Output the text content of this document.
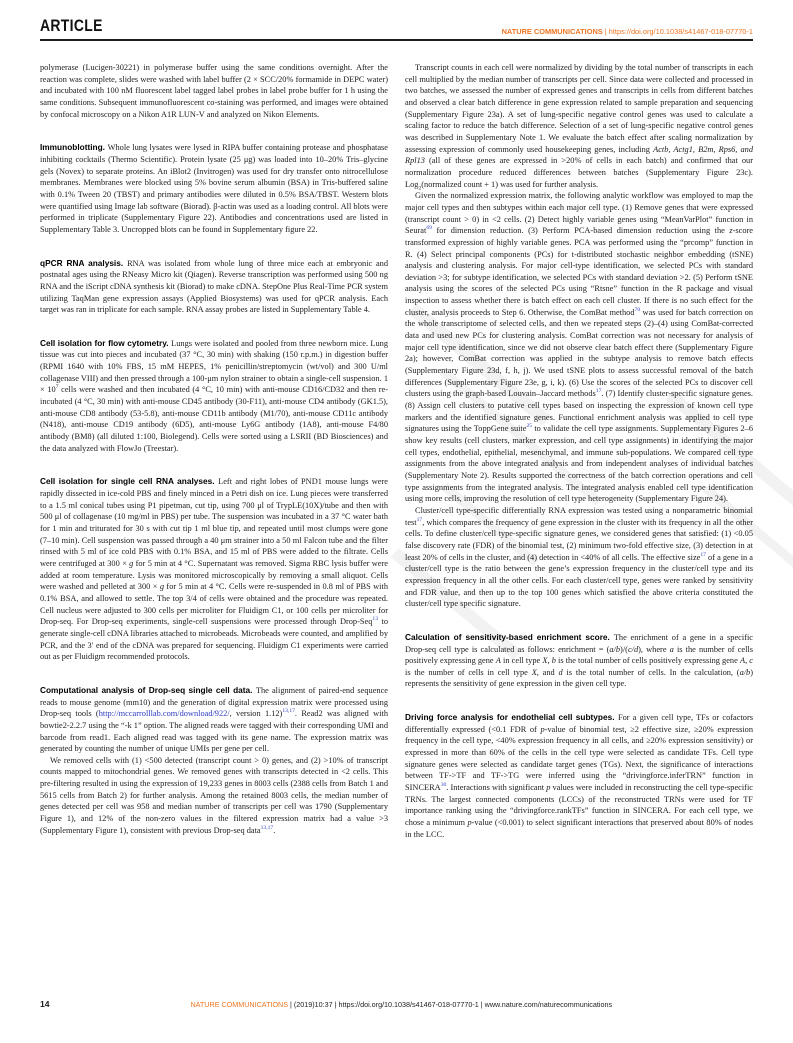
ARTICLE	NATURE COMMUNICATIONS | https://doi.org/10.1038/s41467-018-07770-1

polymerase (Lucigen-30221) in polymerase buffer using the same conditions overnight. After the reaction was complete, slides were washed with label buffer (2 × SCC/20% formamide in DEPC water) and incubated with 100 nM fluorescent label tagged label probes in label probe buffer for 1 h using the same conditions. Subsequent immunofluorescent co-staining was performed, and images were obtained by confocal microscopy on a Nikon A1R LUN-V and analyzed on Nikon Elements.

Immunoblotting. Whole lung lysates were lysed in RIPA buffer containing protease and phosphatase inhibiting cocktails (Thermo Scientific). Protein lysate (25 μg) was loaded into 10–20% Tris–glycine gels (Novex) to separate proteins. An iBlot2 (Invitrogen) was used for dry transfer onto nitrocellulose membranes. Membranes were blocked using 5% bovine serum albumin (BSA) in Tris-buffered saline with 0.1% Tween 20 (TBST) and primary antibodies were diluted in 0.5% BSA/TBST. Western blots were quantified using Image lab software (Biorad). β-actin was used as a loading control. All blots were performed in triplicate (Supplementary Figure 22). Antibodies and concentrations used are listed in Supplementary Table 3. Uncropped blots can be found in Supplementary figure 22.

qPCR RNA analysis. RNA was isolated from whole lung of three mice each at embryonic and postnatal ages using the RNeasy Micro kit (Qiagen). Reverse transcription was performed using 500 ng RNA and the iScript cDNA synthesis kit (Biorad) to make cDNA. StepOne Plus Real-Time PCR system utilizing TaqMan gene expression assays (Applied Biosystems) was used for qPCR analysis. Each target was ran in triplicate for each sample. RNA assay probes are listed in Supplementary Table 4.

Cell isolation for flow cytometry. Lungs were isolated and pooled from three newborn mice. Lung tissue was cut into pieces and incubated (37 °C, 30 min) with shaking (150 r.p.m.) in digestion buffer (RPMI 1640 with 10% FBS, 15 mM HEPES, 1% penicillin/streptomycin (wt/vol) and 300 U/ml collagenase VIII) and then pressed through a 100-μm nylon strainer to obtain a single-cell suspension. $1 \times 10^7$ cells were washed and then incubated (4 °C, 10 min) with anti-mouse CD16/CD32 and then re-incubated (4 °C, 30 min) with anti-mouse CD45 antibody (30-F11), anti-mouse CD4 antibody (GK1.5), anti-mouse CD8 antibody (53-5.8), anti-mouse CD11b antibody (M1/70), anti-mouse CD11c antibody (N418), anti-mouse CD19 antibody (6D5), anti-mouse Ly6G antibody (1A8), anti-mouse F4/80 antibody (BM8) (all diluted 1:100, Biolegend). Cells were sorted using a LSRII (BD Biosciences) and the data analyzed with FlowJo (Treestar).

Cell isolation for single cell RNA analyses. Left and right lobes of PND1 mouse lungs were rapidly dissected in ice-cold PBS and finely minced in a Petri dish on ice. Lung pieces were transferred to a 1.5 ml conical tubes using P1 pipetman, cut tip, using 700 μl of TrypLE(10X)/tube and then with 500 μl of collagenase (10 mg/ml in PBS) per tube. The suspension was incubated in a 37 °C water bath for 1 min and triturated for 30 s with cut tip 1 ml blue tip, and repeated until most clumps were gone (7–10 min). Cell suspension was passed through a 40 μm strainer into a 50 ml Falcon tube and the filter rinsed with 5 ml of ice cold PBS with 0.1% BSA, and 15 ml of PBS were added to the filtrate. Cells were centrifuged at 300 × g for 5 min at 4 °C. Supernatant was removed. Sigma RBC lysis buffer were added at room temperature. Lysis was monitored microscopically by removing a small aliquot. Cells were washed and pelleted at 300 × g for 5 min at 4 °C. Cells were re-suspended in 0.8 ml of PBS with 0.1% BSA, and allowed to settle. The top 3/4 of cells were obtained and the procedure was repeated. Cell nucleus were adjusted to 300 cells per microliter for Fluidigm C1, or 100 cells per microliter for Drop-seq. For Drop-seq experiments, single-cell suspensions were processed through Drop-Seq$^{13}$ to generate single-cell cDNA libraries attached to microbeads. Microbeads were counted, and amplified by PCR, and the 3′ end of the cDNA was prepared for sequencing. Fluidigm C1 experiments were carried out as per Fluidigm recommended protocols.

Computational analysis of Drop-seq single cell data. The alignment of paired-end sequence reads to mouse genome (mm10) and the generation of digital expression matrix were processed using Drop-seq tools (http://mccarrolllab.com/download/922/, version 1.12)$^{13,17}$. Read2 was aligned with bowtie2-2.2.7 using the “-k 1” option. The aligned reads were tagged with their corresponding UMI and barcode from read1. Each aligned read was tagged with its gene name. The expression matrix was generated by counting the number of unique UMIs per gene per cell.

We removed cells with (1) <500 detected (transcript count > 0) genes, and (2) >10% of transcript counts mapped to mitochondrial genes. We removed genes with transcripts detected in <2 cells. This pre-filtering resulted in using the expression of 19,233 genes in 8003 cells (2388 cells from Batch 1 and 5615 cells from Batch 2) for further analysis. Among the retained 8003 cells, the median number of genes detected per cell was 958 and median number of transcripts per cell was 1790 (Supplementary Figure 1), and 12% of the non-zero values in the filtered expression matrix had a value >3 (Supplementary Figure 1), consistent with previous Drop-seq data$^{13,17}$.

Transcript counts in each cell were normalized by dividing by the total number of transcripts in each cell multiplied by the median number of transcripts per cell. Since data were collected and processed in two batches, we assessed the number of expressed genes and transcripts in cells from different batches and observed a clear batch difference in gene expression related to sample preparation and sequencing (Supplementary Figure 23a). A set of lung-specific negative control genes was used to calculate a scaling factor to reduce the batch difference. Selection of a set of lung-specific negative control genes was described in Supplementary Note 1. We evaluate the batch effect after scaling normalization by assessing expression of commonly used housekeeping genes, including Actb, Actg1, B2m, Rps6, and Rpl13 (all of these genes are expressed in >20% of cells in each batch) and confirmed that our normalization procedure reduced differences between batches (Supplementary Figure 23c). Log$_2$(normalized count + 1) was used for further analysis.

Given the normalized expression matrix, the following analytic workflow was employed to map the major cell types and then subtypes within each major cell type. (1) Remove genes that were expressed (transcript count > 0) in <2 cells. (2) Detect highly variable genes using “MeanVarPlot” function in Seurat$^{69}$ for dimension reduction. (3) Perform PCA-based dimension reduction using the z-score transformed expression of highly variable genes. PCA was performed using the “prcomp” function in R. (4) Select principal components (PCs) for t-distributed stochastic neighbor embedding (tSNE) analysis and clustering analysis. For major cell-type identification, we selected PCs with standard deviation >3; for subtype identification, we selected PCs with standard deviation >2. (5) Perform tSNE analysis using the scores of the selected PCs using “Rtsne” function in the R package and visual inspection to assess whether there is batch effect on each cell cluster. If there is no such effect for the cluster, analysis proceeds to Step 6. Otherwise, the ComBat method$^{70}$ was used for batch correction on the whole transcriptome of selected cells, and then we repeated steps (2)–(4) using ComBat-corrected data and used new PCs for clustering analysis. ComBat correction was not necessary for analysis of major cell type identification, since we did not observe clear batch effect there (Supplementary Figure 2a); however, ComBat correction was applied in the subtype analysis to remove batch effects (Supplementary Figure 23d, f, h, j). We used tSNE plots to assess successful removal of the batch differences (Supplementary Figure 23e, g, i, k). (6) Use the scores of the selected PCs to discover cell clusters using the graph-based Louvain–Jaccard methods$^{17}$. (7) Identify cluster-specific signature genes. (8) Assign cell clusters to putative cell types based on inspecting the expression of known cell type markers and the identified signature genes. Functional enrichment analysis was applied to cell type signatures using the ToppGene suite$^{25}$ to validate the cell type assignments. Supplementary Figures 2–6 show key results (cell clusters, marker expression, and cell type assignments) in identifying the major cell types, endothelial, epithelial, mesenchymal, and immune sub-populations. We compared cell type assignments from the above integrated analysis and from independent analyses of individual batches (Supplementary Note 2). Results supported the correctness of the batch correction operations and cell type assignments from the integrated analysis. The integrated analysis enabled cell type identification using more cells, improving the resolution of cell type heterogeneity (Supplementary Figure 24).

Cluster/cell type-specific differentially RNA expression was tested using a nonparametric binomial test$^{17}$, which compares the frequency of gene expression in the cluster with its frequency in all the other cells. To define cluster/cell type-specific signature genes, we considered genes that satisfied: (1) <0.05 false discovery rate (FDR) of the binomial test, (2) minimum two-fold effective size, (3) detection in at least 20% of cells in the cluster, and (4) detection in <40% of all cells. The effective size$^{17}$ of a gene in a cluster/cell type is the ratio between the gene’s expression frequency in the cluster/cell type and its expression frequency in all the other cells. For each cluster/cell type, genes were ranked by sensitivity and FDR value, and then up to the top 100 genes which satisfied the above criteria constituted the cluster/cell type specific signature.

Calculation of sensitivity-based enrichment score. The enrichment of a gene in a specific Drop-seq cell type is calculated as follows: enrichment = (a/b)/(c/d), where a is the number of cells positively expressing gene A in cell type X, b is the total number of cells positively expressing gene A, c is the number of cells in cell type X, and d is the total number of cells. In the calculation, (a/b) represents the sensitivity of gene expression in the given cell type.

Driving force analysis for endothelial cell subtypes. For a given cell type, TFs or cofactors differentially expressed (<0.1 FDR of p-value of binomial test, ≥2 effective size, ≥20% expression frequency in the cell type, <40% expression frequency in all cells, and ≥20% expression sensitivity) or expressed in more than 60% of the cells in the cell type were selected as candidate TFs. Cell type signature genes were selected as candidate target genes (TGs). Next, the significance of interactions between TF->TF and TF->TG were inferred using the “drivingforce.inferTRN” function in SINCERA$^{30}$. Interactions with significant p values were included in reconstructing the cell type-specific TRNs. The largest connected components (LCCs) of the reconstructed TRNs were used for TF importance ranking using the “drivingforce.rankTFs” function in SINCERA. For each cell type, we chose a minimum p-value (<0.001) to select significant interactions that preserved about 80% of nodes in the LCC.

14	NATURE COMMUNICATIONS | (2019)10:37 | https://doi.org/10.1038/s41467-018-07770-1 | www.nature.com/naturecommunications
